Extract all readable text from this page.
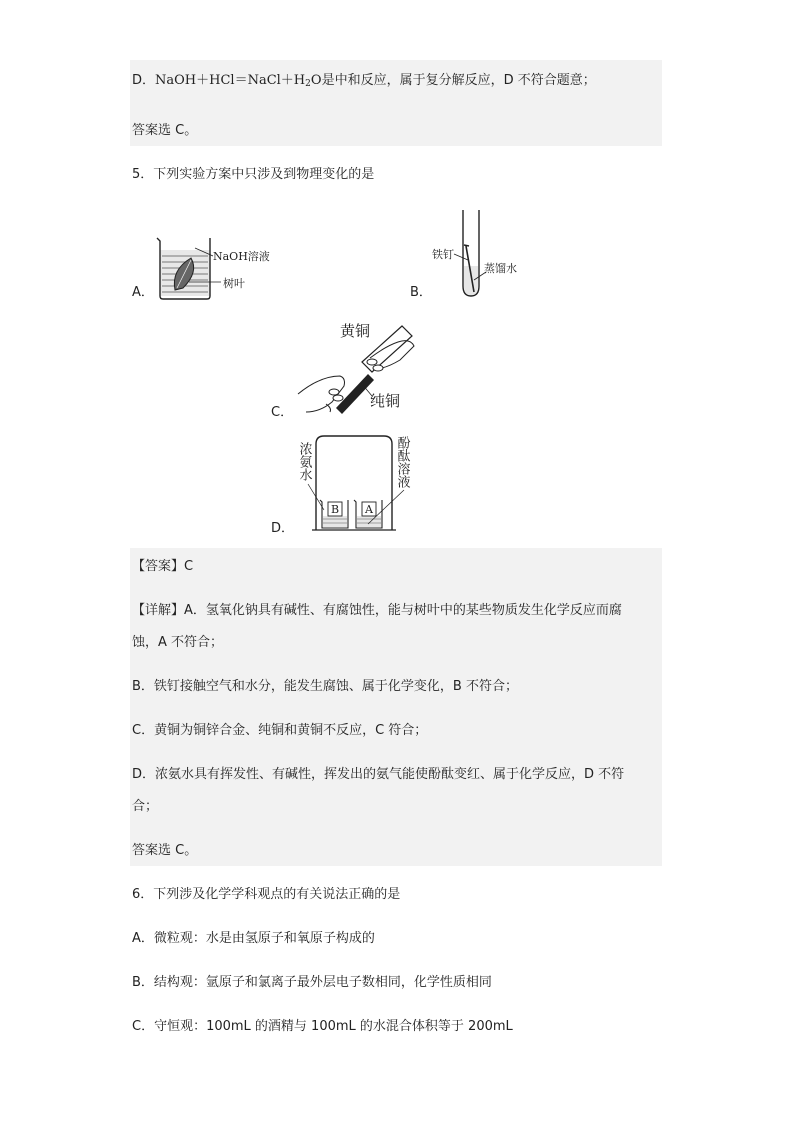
D．$NaOH+HCl=NaCl+H_2O$是中和反应，属于复分解反应，D 不符合题意；
答案选 C。
5．下列实验方案中只涉及到物理变化的是
A．
NaOH溶液
树叶
B．
铁钉
蒸馏水
C．
黄铜
纯铜
D．
B A
浓氨水	酚酞溶液
【答案】C
【详解】A．氢氧化钠具有碱性、有腐蚀性，能与树叶中的某些物质发生化学反应而腐
蚀，A 不符合；
B．铁钉接触空气和水分，能发生腐蚀、属于化学变化，B 不符合；
C．黄铜为铜锌合金、纯铜和黄铜不反应，C 符合；
D．浓氨水具有挥发性、有碱性，挥发出的氨气能使酚酞变红、属于化学反应，D 不符
合；
答案选 C。
6．下列涉及化学学科观点的有关说法正确的是
A．微粒观：水是由氢原子和氧原子构成的
B．结构观：氩原子和氯离子最外层电子数相同，化学性质相同
C．守恒观：100mL 的酒精与 100mL 的水混合体积等于 200mL
